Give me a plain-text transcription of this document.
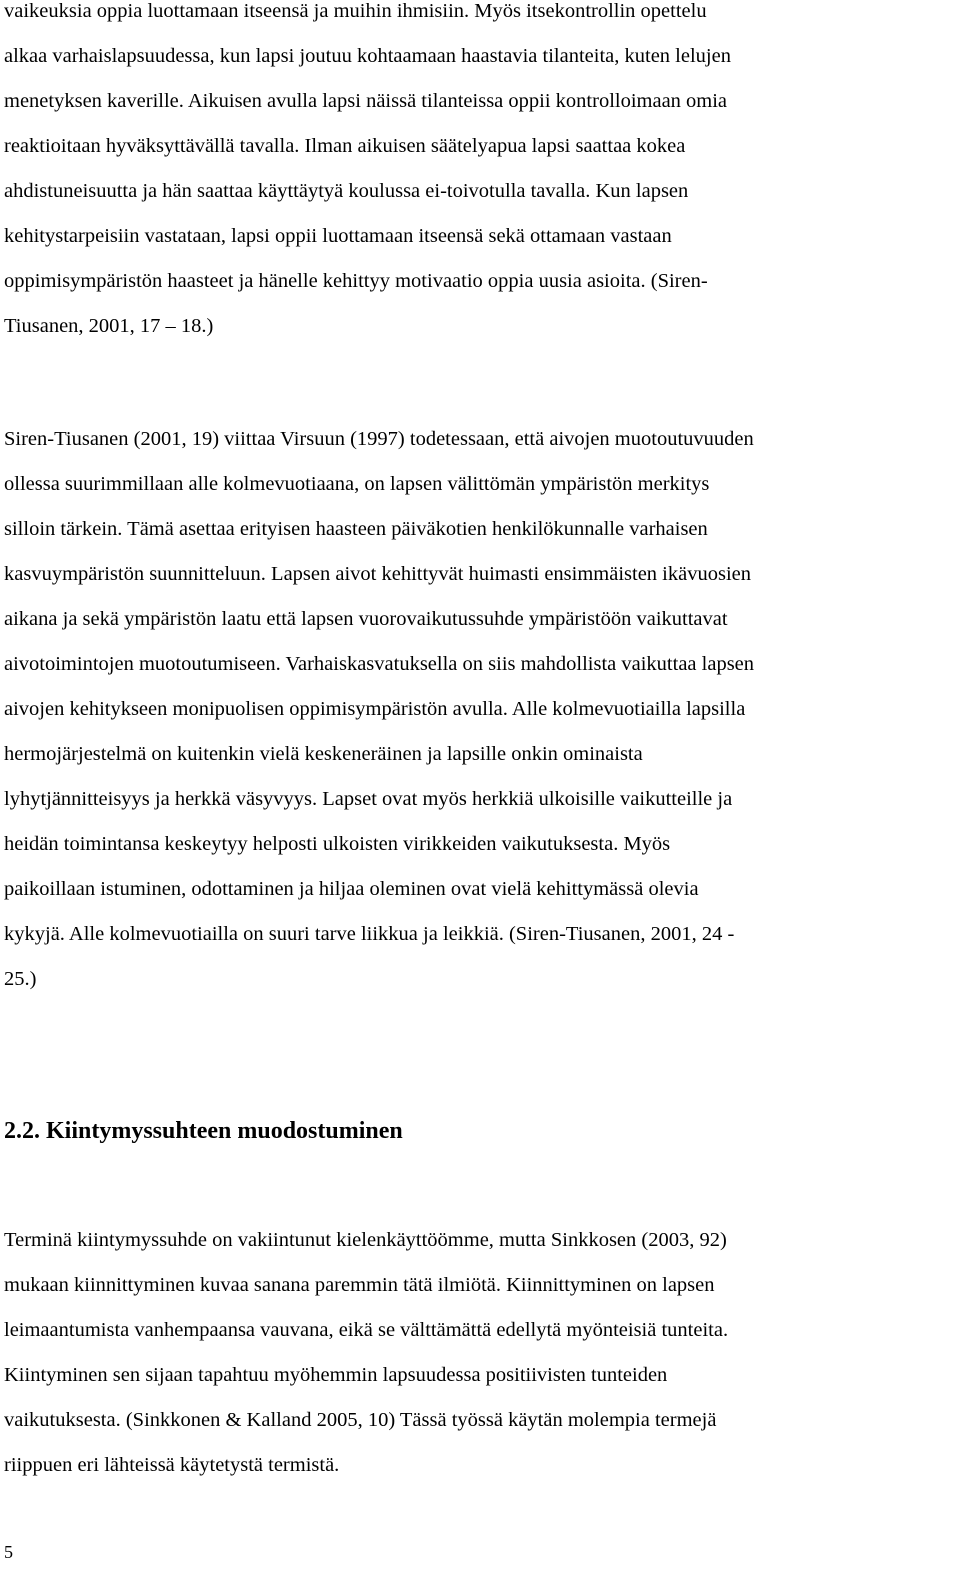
vaikeuksia oppia luottamaan itseensä ja muihin ihmisiin. Myös itsekontrollin opettelu
alkaa varhaislapsuudessa, kun lapsi joutuu kohtaamaan haastavia tilanteita, kuten lelujen
menetyksen kaverille. Aikuisen avulla lapsi näissä tilanteissa oppii kontrolloimaan omia
reaktioitaan hyväksyttävällä tavalla. Ilman aikuisen säätelyapua lapsi saattaa kokea
ahdistuneisuutta ja hän saattaa käyttäytyä koulussa ei-toivotulla tavalla. Kun lapsen
kehitystarpeisiin vastataan, lapsi oppii luottamaan itseensä sekä ottamaan vastaan
oppimisympäristön haasteet ja hänelle kehittyy motivaatio oppia uusia asioita. (Siren-
Tiusanen, 2001, 17 – 18.)
Siren-Tiusanen (2001, 19) viittaa Virsuun (1997) todetessaan, että aivojen muotoutuvuuden
ollessa suurimmillaan alle kolmevuotiaana, on lapsen välittömän ympäristön merkitys
silloin tärkein. Tämä asettaa erityisen haasteen päiväkotien henkilökunnalle varhaisen
kasvuympäristön suunnitteluun. Lapsen aivot kehittyvät huimasti ensimmäisten ikävuosien
aikana ja sekä ympäristön laatu että lapsen vuorovaikutussuhde ympäristöön vaikuttavat
aivotoimintojen muotoutumiseen. Varhaiskasvatuksella on siis mahdollista vaikuttaa lapsen
aivojen kehitykseen monipuolisen oppimisympäristön avulla. Alle kolmevuotiailla lapsilla
hermojärjestelmä on kuitenkin vielä keskeneräinen ja lapsille onkin ominaista
lyhytjännitteisyys ja herkkä väsyvyys. Lapset ovat myös herkkiä ulkoisille vaikutteille ja
heidän toimintansa keskeytyy helposti ulkoisten virikkeiden vaikutuksesta. Myös
paikoillaan istuminen, odottaminen ja hiljaa oleminen ovat vielä kehittymässä olevia
kykyjä. Alle kolmevuotiailla on suuri tarve liikkua ja leikkiä. (Siren-Tiusanen, 2001, 24 -
25.)
2.2. Kiintymyssuhteen muodostuminen
Terminä kiintymyssuhde on vakiintunut kielenkäyttöömme, mutta Sinkkosen (2003, 92)
mukaan kiinnittyminen kuvaa sanana paremmin tätä ilmiötä. Kiinnittyminen on lapsen
leimaantumista vanhempaansa vauvana, eikä se välttämättä edellytä myönteisiä tunteita.
Kiintyminen sen sijaan tapahtuu myöhemmin lapsuudessa positiivisten tunteiden
vaikutuksesta. (Sinkkonen & Kalland 2005, 10) Tässä työssä käytän molempia termejä
riippuen eri lähteissä käytetystä termistä.
5
